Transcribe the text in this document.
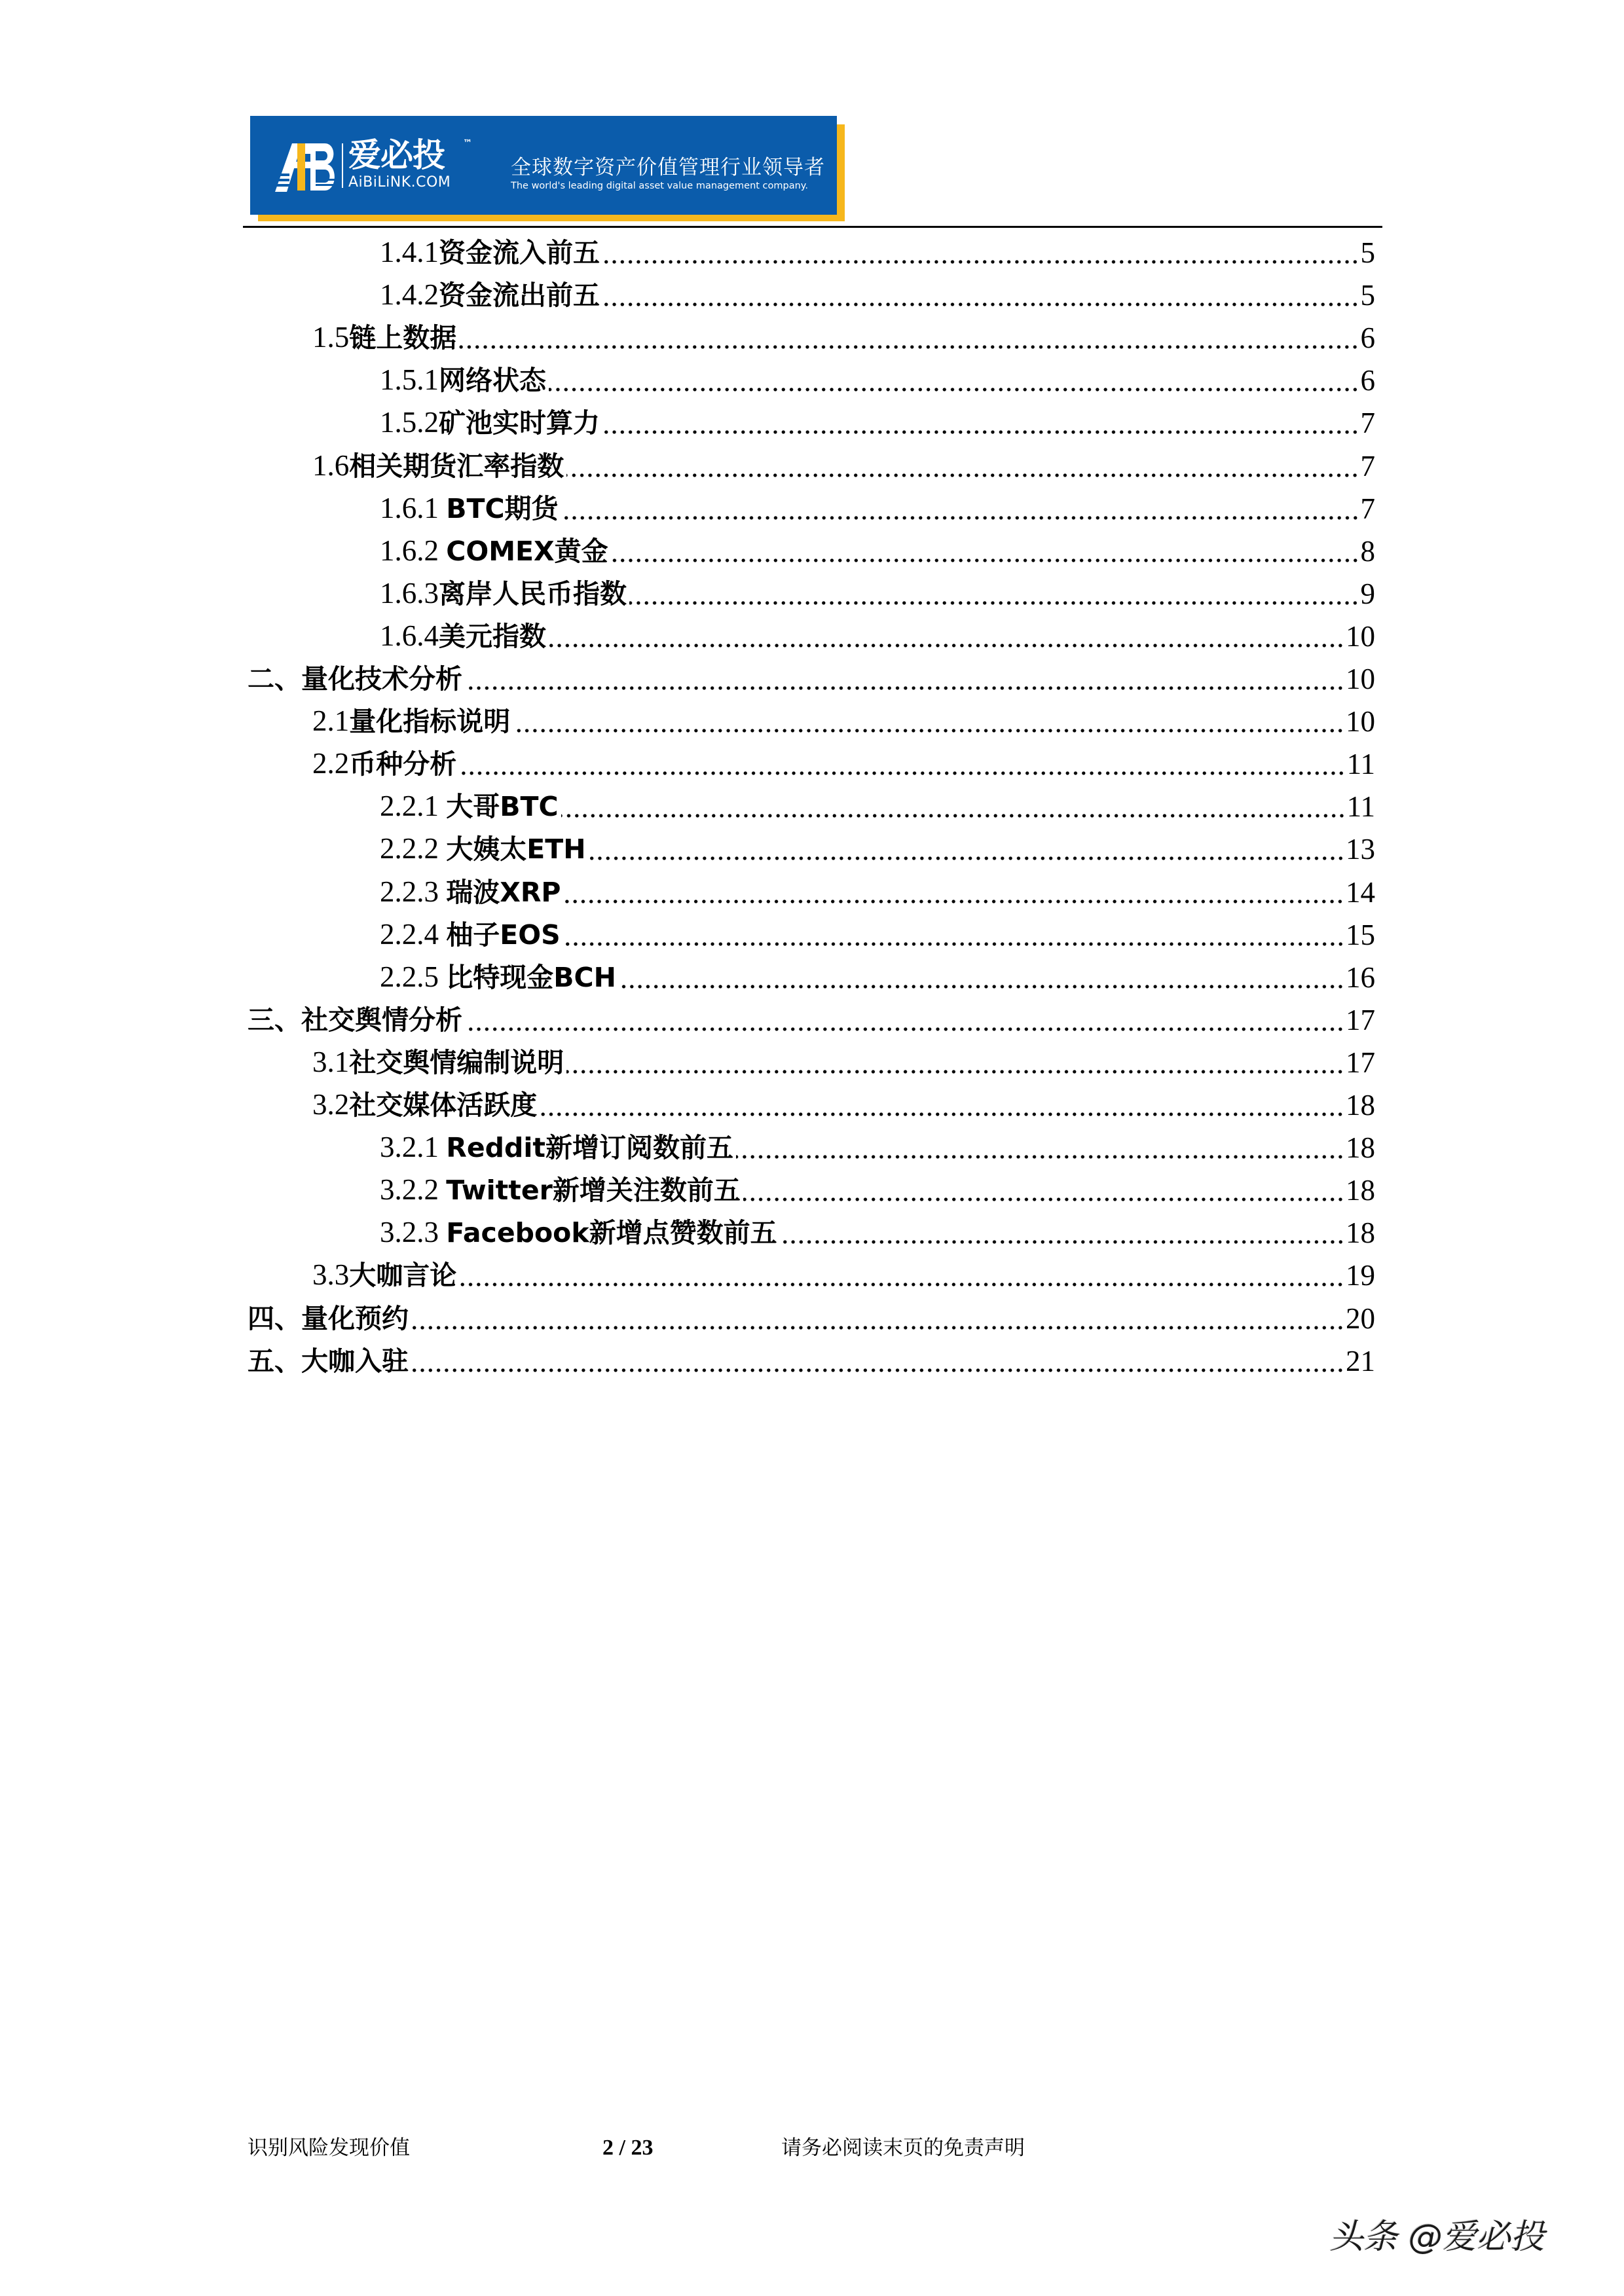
爱必投 ™
AiBiLiNK.COM
全球数字资产价值管理行业领导者
The world's leading digital asset value management company.
1.4.1资金流入前五	5
1.4.2资金流出前五	5
1.5链上数据	6
1.5.1网络状态	6
1.5.2矿池实时算力	7
1.6相关期货汇率指数	7
1.6.1 BTC期货	7
1.6.2 COMEX黄金	8
1.6.3离岸人民币指数	9
1.6.4美元指数	10
二、量化技术分析	10
2.1量化指标说明	10
2.2币种分析	11
2.2.1 大哥BTC	11
2.2.2 大姨太ETH	13
2.2.3 瑞波XRP	14
2.2.4 柚子EOS	15
2.2.5 比特现金BCH	16
三、社交舆情分析	17
3.1社交舆情编制说明	17
3.2社交媒体活跃度	18
3.2.1 Reddit新增订阅数前五	18
3.2.2 Twitter新增关注数前五	18
3.2.3 Facebook新增点赞数前五	18
3.3大咖言论	19
四、量化预约	20
五、大咖入驻	21
识别风险发现价值	2 / 23	请务必阅读末页的免责声明
头条 @爱必投
